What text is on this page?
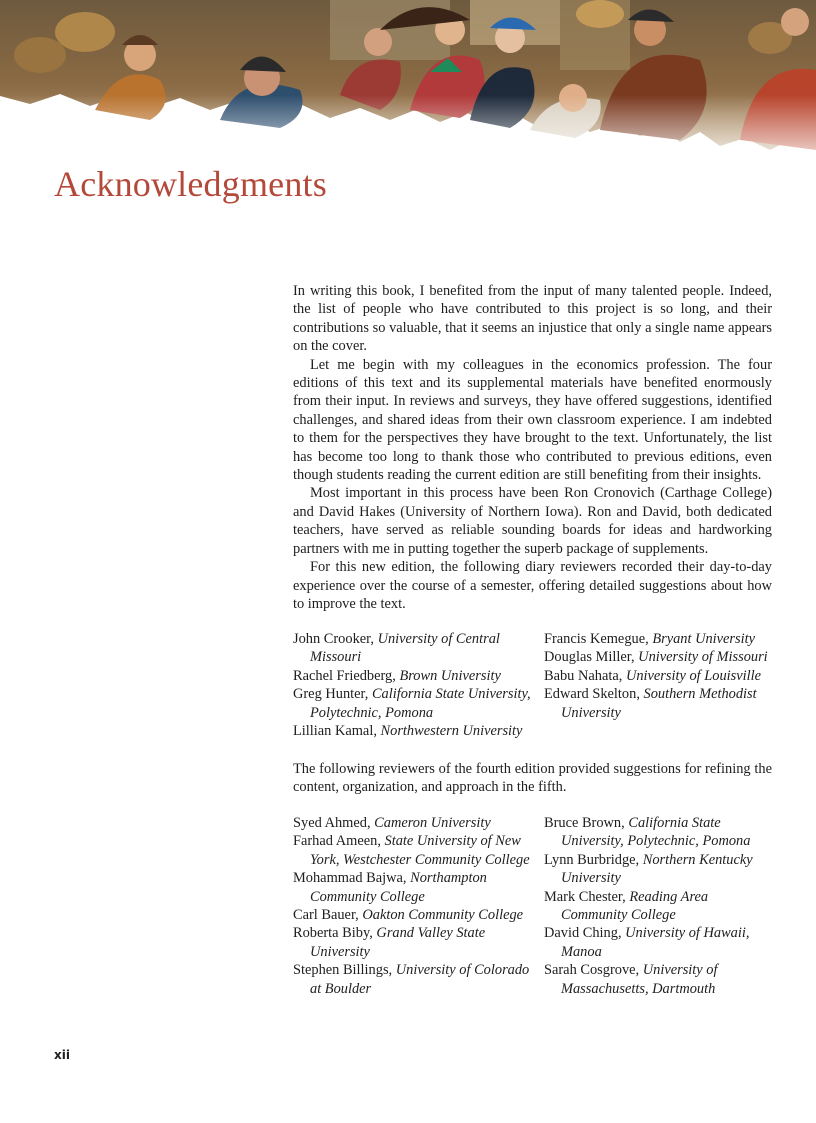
Acknowledgments

In writing this book, I benefited from the input of many talented people. Indeed, the list of people who have contributed to this project is so long, and their contributions so valuable, that it seems an injustice that only a single name appears on the cover.

Let me begin with my colleagues in the economics profession. The four editions of this text and its supplemental materials have benefited enormously from their input. In reviews and surveys, they have offered suggestions, identified challenges, and shared ideas from their own classroom experience. I am indebted to them for the perspectives they have brought to the text. Unfortunately, the list has become too long to thank those who contributed to previous editions, even though students reading the current edition are still benefiting from their insights.

Most important in this process have been Ron Cronovich (Carthage College) and David Hakes (University of Northern Iowa). Ron and David, both dedicated teachers, have served as reliable sounding boards for ideas and hardworking partners with me in putting together the superb package of supplements.

For this new edition, the following diary reviewers recorded their day-to-day experience over the course of a semester, offering detailed suggestions about how to improve the text.

John Crooker, University of Central Missouri
Rachel Friedberg, Brown University
Greg Hunter, California State University, Polytechnic, Pomona
Lillian Kamal, Northwestern University
Francis Kemegue, Bryant University
Douglas Miller, University of Missouri
Babu Nahata, University of Louisville
Edward Skelton, Southern Methodist University

The following reviewers of the fourth edition provided suggestions for refining the content, organization, and approach in the fifth.

Syed Ahmed, Cameron University
Farhad Ameen, State University of New York, Westchester Community College
Mohammad Bajwa, Northampton Community College
Carl Bauer, Oakton Community College
Roberta Biby, Grand Valley State University
Stephen Billings, University of Colorado at Boulder
Bruce Brown, California State University, Polytechnic, Pomona
Lynn Burbridge, Northern Kentucky University
Mark Chester, Reading Area Community College
David Ching, University of Hawaii, Manoa
Sarah Cosgrove, University of Massachusetts, Dartmouth
xii
